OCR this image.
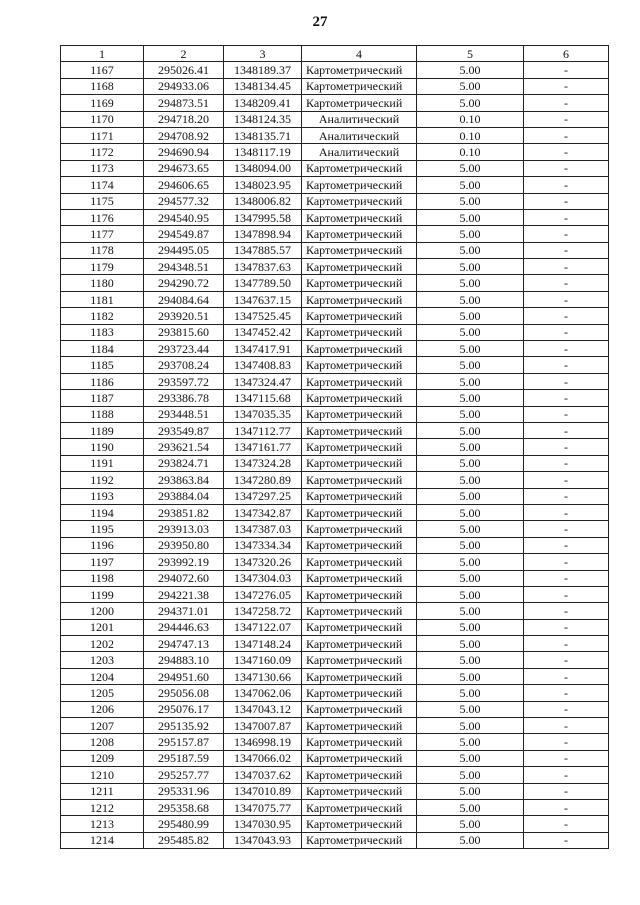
27
1	2	3	4	5	6
1167	295026.41	1348189.37	Картометрический	5.00	-
1168	294933.06	1348134.45	Картометрический	5.00	-
1169	294873.51	1348209.41	Картометрический	5.00	-
1170	294718.20	1348124.35	Аналитический	0.10	-
1171	294708.92	1348135.71	Аналитический	0.10	-
1172	294690.94	1348117.19	Аналитический	0.10	-
1173	294673.65	1348094.00	Картометрический	5.00	-
1174	294606.65	1348023.95	Картометрический	5.00	-
1175	294577.32	1348006.82	Картометрический	5.00	-
1176	294540.95	1347995.58	Картометрический	5.00	-
1177	294549.87	1347898.94	Картометрический	5.00	-
1178	294495.05	1347885.57	Картометрический	5.00	-
1179	294348.51	1347837.63	Картометрический	5.00	-
1180	294290.72	1347789.50	Картометрический	5.00	-
1181	294084.64	1347637.15	Картометрический	5.00	-
1182	293920.51	1347525.45	Картометрический	5.00	-
1183	293815.60	1347452.42	Картометрический	5.00	-
1184	293723.44	1347417.91	Картометрический	5.00	-
1185	293708.24	1347408.83	Картометрический	5.00	-
1186	293597.72	1347324.47	Картометрический	5.00	-
1187	293386.78	1347115.68	Картометрический	5.00	-
1188	293448.51	1347035.35	Картометрический	5.00	-
1189	293549.87	1347112.77	Картометрический	5.00	-
1190	293621.54	1347161.77	Картометрический	5.00	-
1191	293824.71	1347324.28	Картометрический	5.00	-
1192	293863.84	1347280.89	Картометрический	5.00	-
1193	293884.04	1347297.25	Картометрический	5.00	-
1194	293851.82	1347342.87	Картометрический	5.00	-
1195	293913.03	1347387.03	Картометрический	5.00	-
1196	293950.80	1347334.34	Картометрический	5.00	-
1197	293992.19	1347320.26	Картометрический	5.00	-
1198	294072.60	1347304.03	Картометрический	5.00	-
1199	294221.38	1347276.05	Картометрический	5.00	-
1200	294371.01	1347258.72	Картометрический	5.00	-
1201	294446.63	1347122.07	Картометрический	5.00	-
1202	294747.13	1347148.24	Картометрический	5.00	-
1203	294883.10	1347160.09	Картометрический	5.00	-
1204	294951.60	1347130.66	Картометрический	5.00	-
1205	295056.08	1347062.06	Картометрический	5.00	-
1206	295076.17	1347043.12	Картометрический	5.00	-
1207	295135.92	1347007.87	Картометрический	5.00	-
1208	295157.87	1346998.19	Картометрический	5.00	-
1209	295187.59	1347066.02	Картометрический	5.00	-
1210	295257.77	1347037.62	Картометрический	5.00	-
1211	295331.96	1347010.89	Картометрический	5.00	-
1212	295358.68	1347075.77	Картометрический	5.00	-
1213	295480.99	1347030.95	Картометрический	5.00	-
1214	295485.82	1347043.93	Картометрический	5.00	-
